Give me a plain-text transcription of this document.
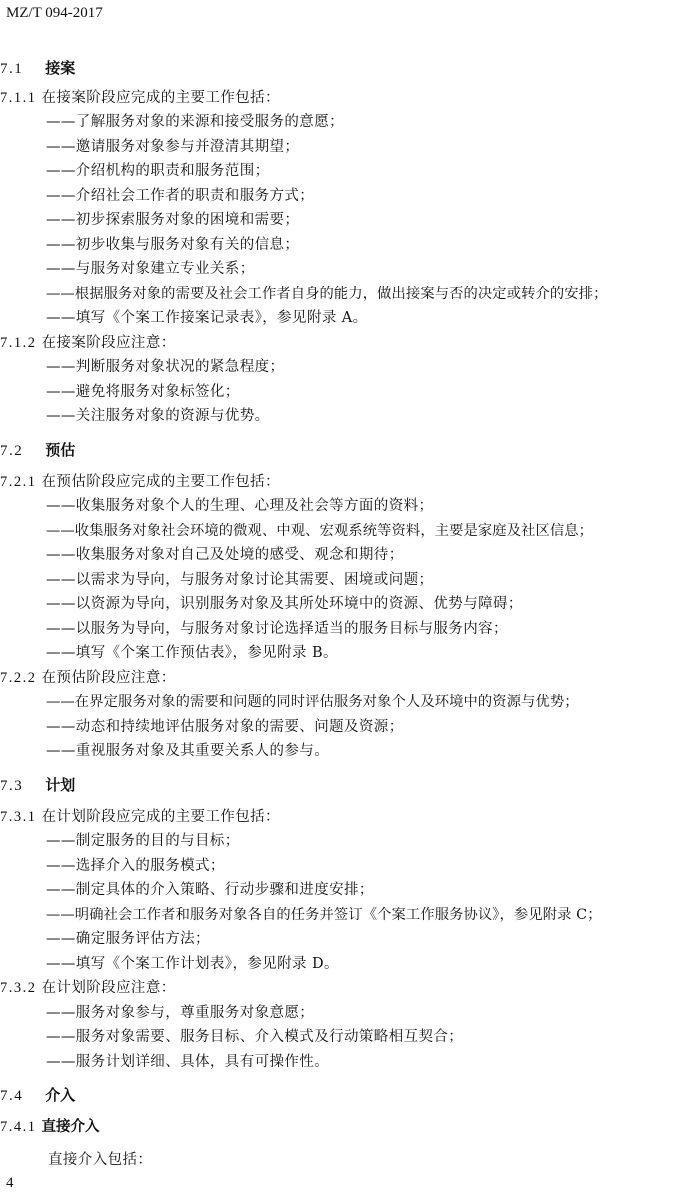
MZ/T 094-2017
7.1 接案
7.1.1 在接案阶段应完成的主要工作包括：
——了解服务对象的来源和接受服务的意愿；
——邀请服务对象参与并澄清其期望；
——介绍机构的职责和服务范围；
——介绍社会工作者的职责和服务方式；
——初步探索服务对象的困境和需要；
——初步收集与服务对象有关的信息；
——与服务对象建立专业关系；
——根据服务对象的需要及社会工作者自身的能力，做出接案与否的决定或转介的安排；
——填写《个案工作接案记录表》，参见附录 A。
7.1.2 在接案阶段应注意：
——判断服务对象状况的紧急程度；
——避免将服务对象标签化；
——关注服务对象的资源与优势。
7.2 预估
7.2.1 在预估阶段应完成的主要工作包括：
——收集服务对象个人的生理、心理及社会等方面的资料；
——收集服务对象社会环境的微观、中观、宏观系统等资料，主要是家庭及社区信息；
——收集服务对象对自己及处境的感受、观念和期待；
——以需求为导向，与服务对象讨论其需要、困境或问题；
——以资源为导向，识别服务对象及其所处环境中的资源、优势与障碍；
——以服务为导向，与服务对象讨论选择适当的服务目标与服务内容；
——填写《个案工作预估表》，参见附录 B。
7.2.2 在预估阶段应注意：
——在界定服务对象的需要和问题的同时评估服务对象个人及环境中的资源与优势；
——动态和持续地评估服务对象的需要、问题及资源；
——重视服务对象及其重要关系人的参与。
7.3 计划
7.3.1 在计划阶段应完成的主要工作包括：
——制定服务的目的与目标；
——选择介入的服务模式；
——制定具体的介入策略、行动步骤和进度安排；
——明确社会工作者和服务对象各自的任务并签订《个案工作服务协议》，参见附录 C；
——确定服务评估方法；
——填写《个案工作计划表》，参见附录 D。
7.3.2 在计划阶段应注意：
——服务对象参与，尊重服务对象意愿；
——服务对象需要、服务目标、介入模式及行动策略相互契合；
——服务计划详细、具体，具有可操作性。
7.4 介入
7.4.1 直接介入
直接介入包括：
4
